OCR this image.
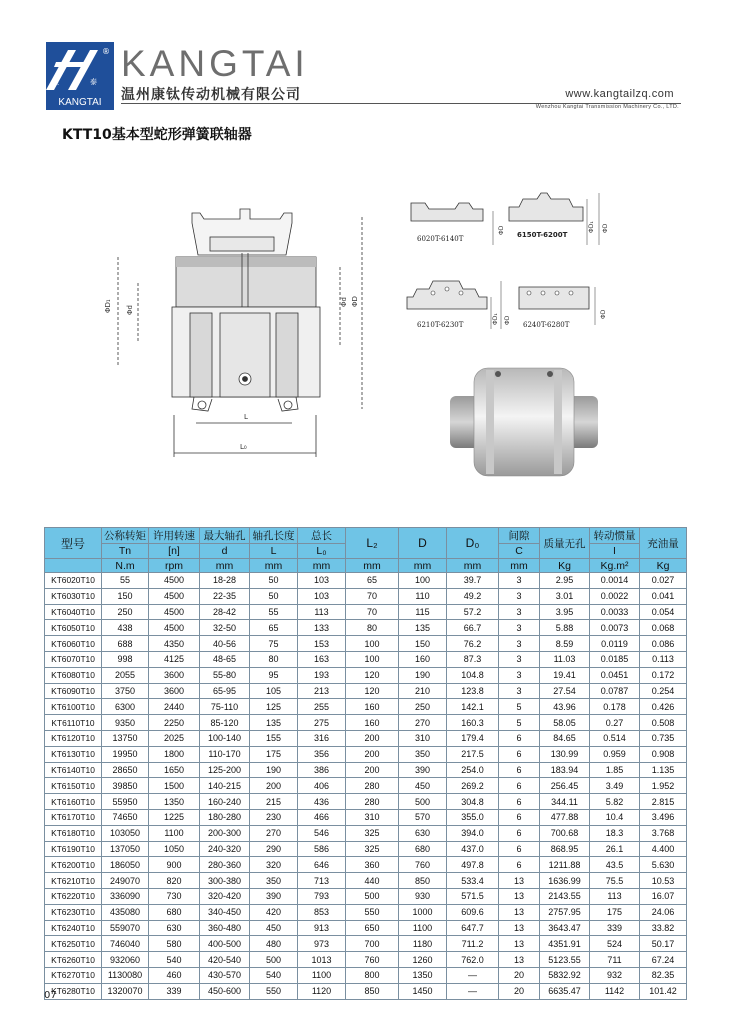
康	泰
®
KANGTAI
KANGTAI
温州康钛传动机械有限公司	www.kangtailzq.com
Wenzhou Kangtai Transmission Machinery Co., LTD.
KTT10基本型蛇形弹簧联轴器
ΦD₁ Φd
Φd ΦD
L
L₀
6020T-6140T	6150T-6200T
6210T-6230T	6240T-6280T
ΦD	ΦD₁ ΦD
ΦD₁ ΦD
ΦD
型号	公称转矩	许用转速	最大轴孔	轴孔长度	总长	L₂	D	D₀	间隙	质量无孔	转动惯量	充油量
	Tn	[n]	d	L	L₀				C		I	
	N.m	rpm	mm	mm	mm	mm	mm	mm	mm	Kg	Kg.m²	Kg
KT6020T10	55	4500	18-28	50	103	65	100	39.7	3	2.95	0.0014	0.027
KT6030T10	150	4500	22-35	50	103	70	110	49.2	3	3.01	0.0022	0.041
KT6040T10	250	4500	28-42	55	113	70	115	57.2	3	3.95	0.0033	0.054
KT6050T10	438	4500	32-50	65	133	80	135	66.7	3	5.88	0.0073	0.068
KT6060T10	688	4350	40-56	75	153	100	150	76.2	3	8.59	0.0119	0.086
KT6070T10	998	4125	48-65	80	163	100	160	87.3	3	11.03	0.0185	0.113
KT6080T10	2055	3600	55-80	95	193	120	190	104.8	3	19.41	0.0451	0.172
KT6090T10	3750	3600	65-95	105	213	120	210	123.8	3	27.54	0.0787	0.254
KT6100T10	6300	2440	75-110	125	255	160	250	142.1	5	43.96	0.178	0.426
KT6110T10	9350	2250	85-120	135	275	160	270	160.3	5	58.05	0.27	0.508
KT6120T10	13750	2025	100-140	155	316	200	310	179.4	6	84.65	0.514	0.735
KT6130T10	19950	1800	110-170	175	356	200	350	217.5	6	130.99	0.959	0.908
KT6140T10	28650	1650	125-200	190	386	200	390	254.0	6	183.94	1.85	1.135
KT6150T10	39850	1500	140-215	200	406	280	450	269.2	6	256.45	3.49	1.952
KT6160T10	55950	1350	160-240	215	436	280	500	304.8	6	344.11	5.82	2.815
KT6170T10	74650	1225	180-280	230	466	310	570	355.0	6	477.88	10.4	3.496
KT6180T10	103050	1100	200-300	270	546	325	630	394.0	6	700.68	18.3	3.768
KT6190T10	137050	1050	240-320	290	586	325	680	437.0	6	868.95	26.1	4.400
KT6200T10	186050	900	280-360	320	646	360	760	497.8	6	1211.88	43.5	5.630
KT6210T10	249070	820	300-380	350	713	440	850	533.4	13	1636.99	75.5	10.53
KT6220T10	336090	730	320-420	390	793	500	930	571.5	13	2143.55	113	16.07
KT6230T10	435080	680	340-450	420	853	550	1000	609.6	13	2757.95	175	24.06
KT6240T10	559070	630	360-480	450	913	650	1100	647.7	13	3643.47	339	33.82
KT6250T10	746040	580	400-500	480	973	700	1180	711.2	13	4351.91	524	50.17
KT6260T10	932060	540	420-540	500	1013	760	1260	762.0	13	5123.55	711	67.24
KT6270T10	1130080	460	430-570	540	1100	800	1350	—	20	5832.92	932	82.35
KT6280T10	1320070	339	450-600	550	1120	850	1450	—	20	6635.47	1142	101.42
07
